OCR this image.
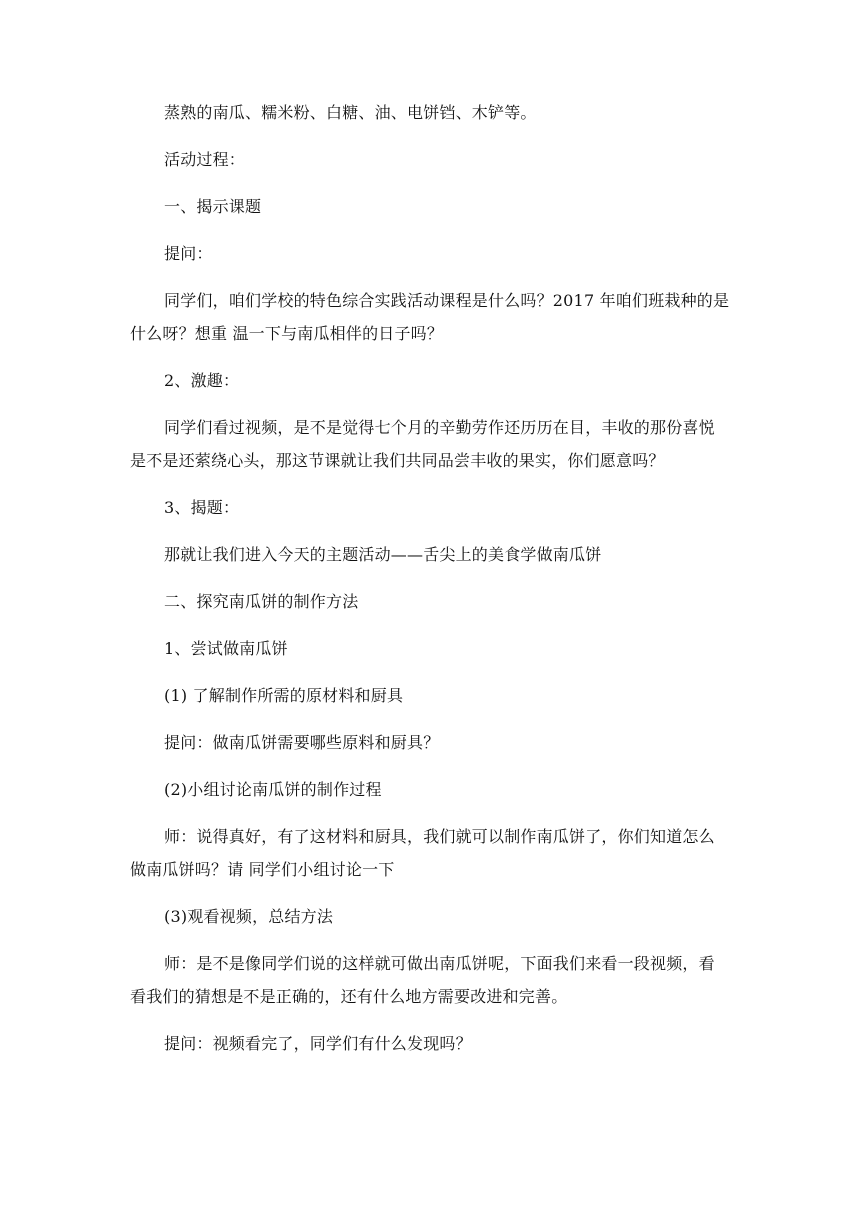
蒸熟的南瓜、糯米粉、白糖、油、电饼铛、木铲等。

活动过程：

一、揭示课题

提问：

同学们，咱们学校的特色综合实践活动课程是什么吗？2017 年咱们班栽种的是什么呀？想重 温一下与南瓜相伴的日子吗？

2、激趣：

同学们看过视频，是不是觉得七个月的辛勤劳作还历历在目，丰收的那份喜悦是不是还萦绕心头，那这节课就让我们共同品尝丰收的果实，你们愿意吗？

3、揭题：

那就让我们进入今天的主题活动——舌尖上的美食学做南瓜饼

二、探究南瓜饼的制作方法

1、尝试做南瓜饼

(1) 了解制作所需的原材料和厨具

提问：做南瓜饼需要哪些原料和厨具？

(2)小组讨论南瓜饼的制作过程

师：说得真好，有了这材料和厨具，我们就可以制作南瓜饼了，你们知道怎么做南瓜饼吗？请 同学们小组讨论一下

(3)观看视频，总结方法

师：是不是像同学们说的这样就可做出南瓜饼呢，下面我们来看一段视频，看看我们的猜想是不是正确的，还有什么地方需要改进和完善。

提问：视频看完了，同学们有什么发现吗？
